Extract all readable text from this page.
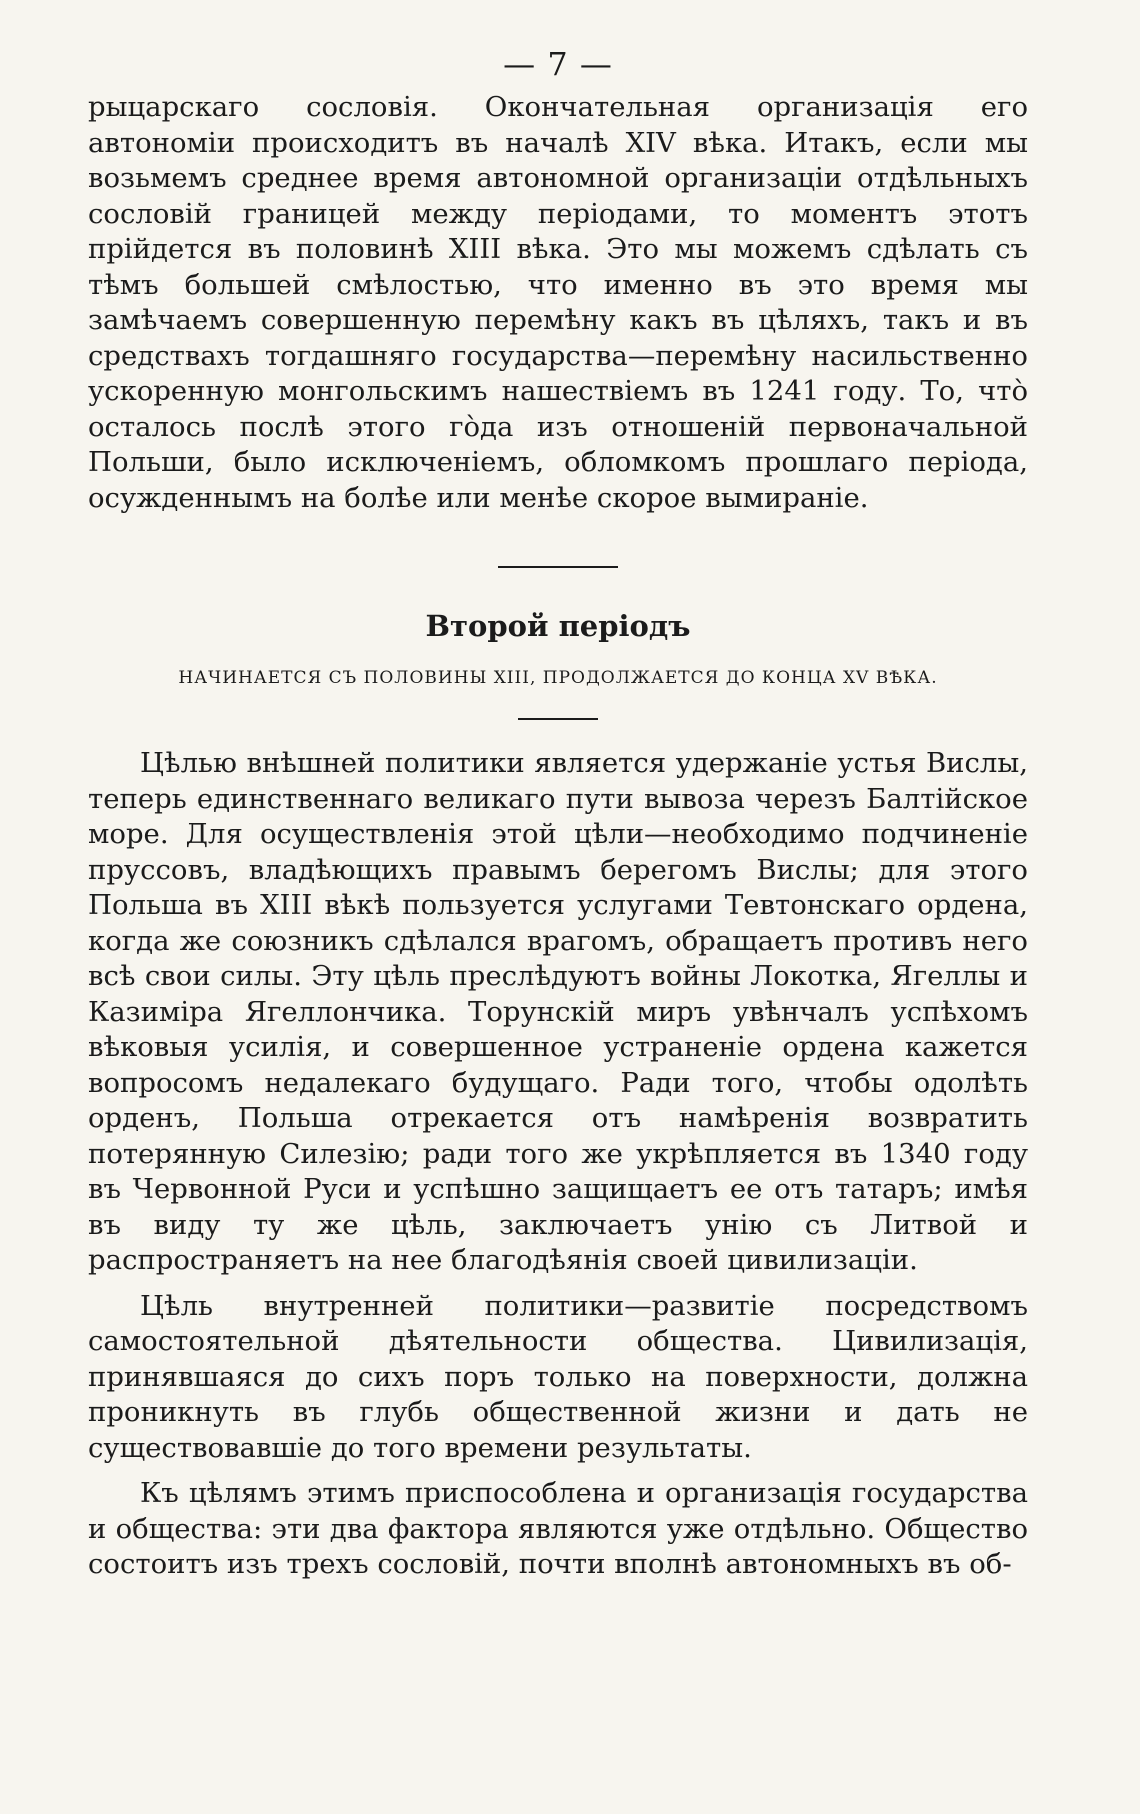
— 7 —

рыцарскаго сословія. Окончательная организація его автономіи происходитъ въ началѣ XIV вѣка. Итакъ, если мы возьмемъ среднее время автономной организаціи отдѣльныхъ сословій границей между періодами, то моментъ этотъ прійдется въ половинѣ XIII вѣка. Это мы можемъ сдѣлать съ тѣмъ большей смѣлостью, что именно въ это время мы замѣчаемъ совершенную перемѣну какъ въ цѣляхъ, такъ и въ средствахъ тогдашняго государства—перемѣну насильственно ускоренную монгольскимъ нашествіемъ въ 1241 году. То, что̀ осталось послѣ этого го̀да изъ отношеній первоначальной Польши, было исключеніемъ, обломкомъ прошлаго періода, осужденнымъ на болѣе или менѣе скорое вымираніе.

Второй періодъ
НАЧИНАЕТСЯ СЪ ПОЛОВИНЫ XIII, ПРОДОЛЖАЕТСЯ ДО КОНЦА XV ВѢКА.

Цѣлью внѣшней политики является удержаніе устья Вислы, теперь единственнаго великаго пути вывоза черезъ Балтійское море. Для осуществленія этой цѣли—необходимо подчиненіе пруссовъ, владѣющихъ правымъ берегомъ Вислы; для этого Польша въ XIII вѣкѣ пользуется услугами Тевтонскаго ордена, когда же союзникъ сдѣлался врагомъ, обращаетъ противъ него всѣ свои силы. Эту цѣль преслѣдуютъ войны Локотка, Ягеллы и Казиміра Ягеллончика. Торунскій миръ увѣнчалъ успѣхомъ вѣковыя усилія, и совершенное устраненіе ордена кажется вопросомъ недалекаго будущаго. Ради того, чтобы одолѣть орденъ, Польша отрекается отъ намѣренія возвратить потерянную Силезію; ради того же укрѣпляется въ 1340 году въ Червонной Руси и успѣшно защищаетъ ее отъ татаръ; имѣя въ виду ту же цѣль, заключаетъ унію съ Литвой и распространяетъ на нее благодѣянія своей цивилизаціи.

Цѣль внутренней политики—развитіе посредствомъ самостоятельной дѣятельности общества. Цивилизація, принявшаяся до сихъ поръ только на поверхности, должна проникнуть въ глубь общественной жизни и дать не существовавшіе до того времени результаты.

Къ цѣлямъ этимъ приспособлена и организація государства и общества: эти два фактора являются уже отдѣльно. Общество состоитъ изъ трехъ сословій, почти вполнѣ автономныхъ въ об-
